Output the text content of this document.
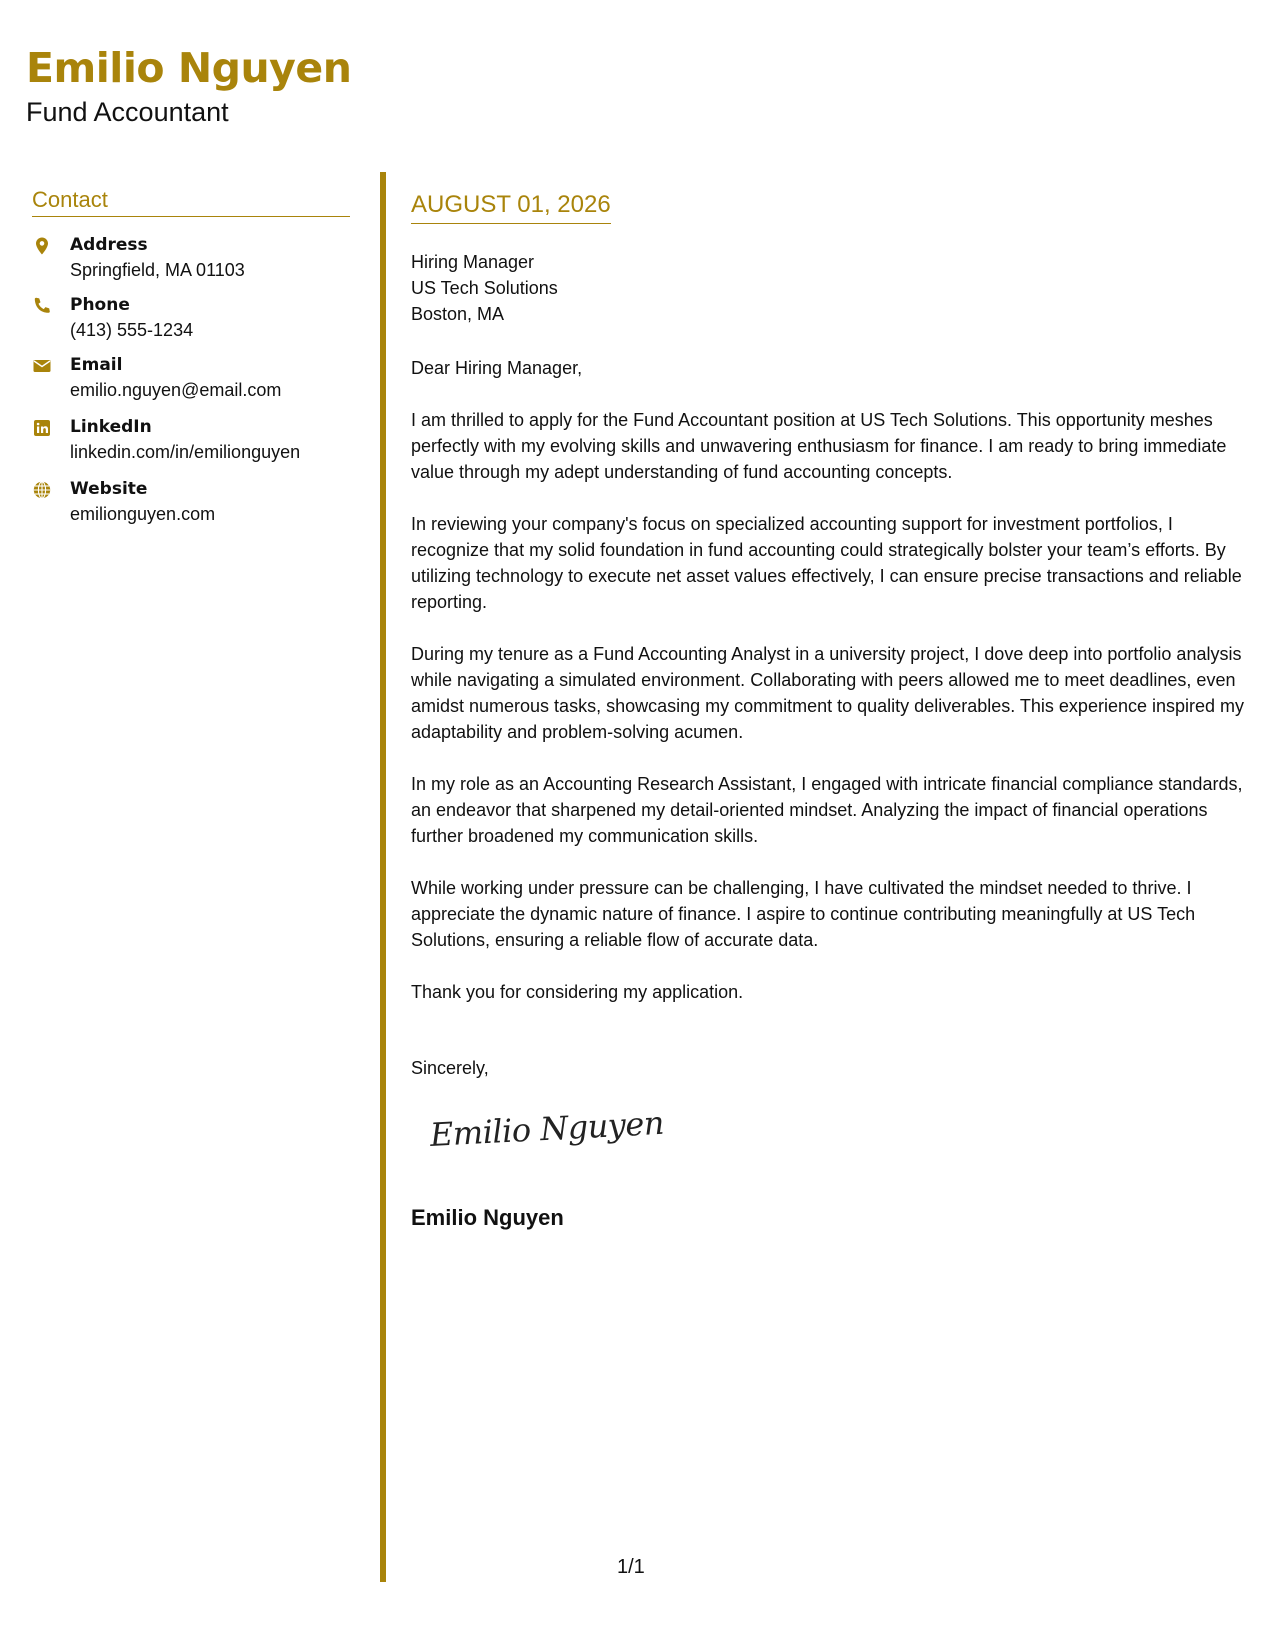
Emilio Nguyen
Fund Accountant
Contact
Address
Springfield, MA 01103
Phone
(413) 555-1234
Email
emilio.nguyen@email.com
LinkedIn
linkedin.com/in/emilionguyen
Website
emilionguyen.com
AUGUST 01, 2026
Hiring Manager
US Tech Solutions
Boston, MA

Dear Hiring Manager,

I am thrilled to apply for the Fund Accountant position at US Tech Solutions. This opportunity meshes perfectly with my evolving skills and unwavering enthusiasm for finance. I am ready to bring immediate value through my adept understanding of fund accounting concepts.

In reviewing your company's focus on specialized accounting support for investment portfolios, I recognize that my solid foundation in fund accounting could strategically bolster your team’s efforts. By utilizing technology to execute net asset values effectively, I can ensure precise transactions and reliable reporting.

During my tenure as a Fund Accounting Analyst in a university project, I dove deep into portfolio analysis while navigating a simulated environment. Collaborating with peers allowed me to meet deadlines, even amidst numerous tasks, showcasing my commitment to quality deliverables. This experience inspired my adaptability and problem-solving acumen.

In my role as an Accounting Research Assistant, I engaged with intricate financial compliance standards, an endeavor that sharpened my detail-oriented mindset. Analyzing the impact of financial operations further broadened my communication skills.

While working under pressure can be challenging, I have cultivated the mindset needed to thrive. I appreciate the dynamic nature of finance. I aspire to continue contributing meaningfully at US Tech Solutions, ensuring a reliable flow of accurate data.

Thank you for considering my application.

Sincerely,

Emilio Nguyen
Emilio Nguyen
1/1
